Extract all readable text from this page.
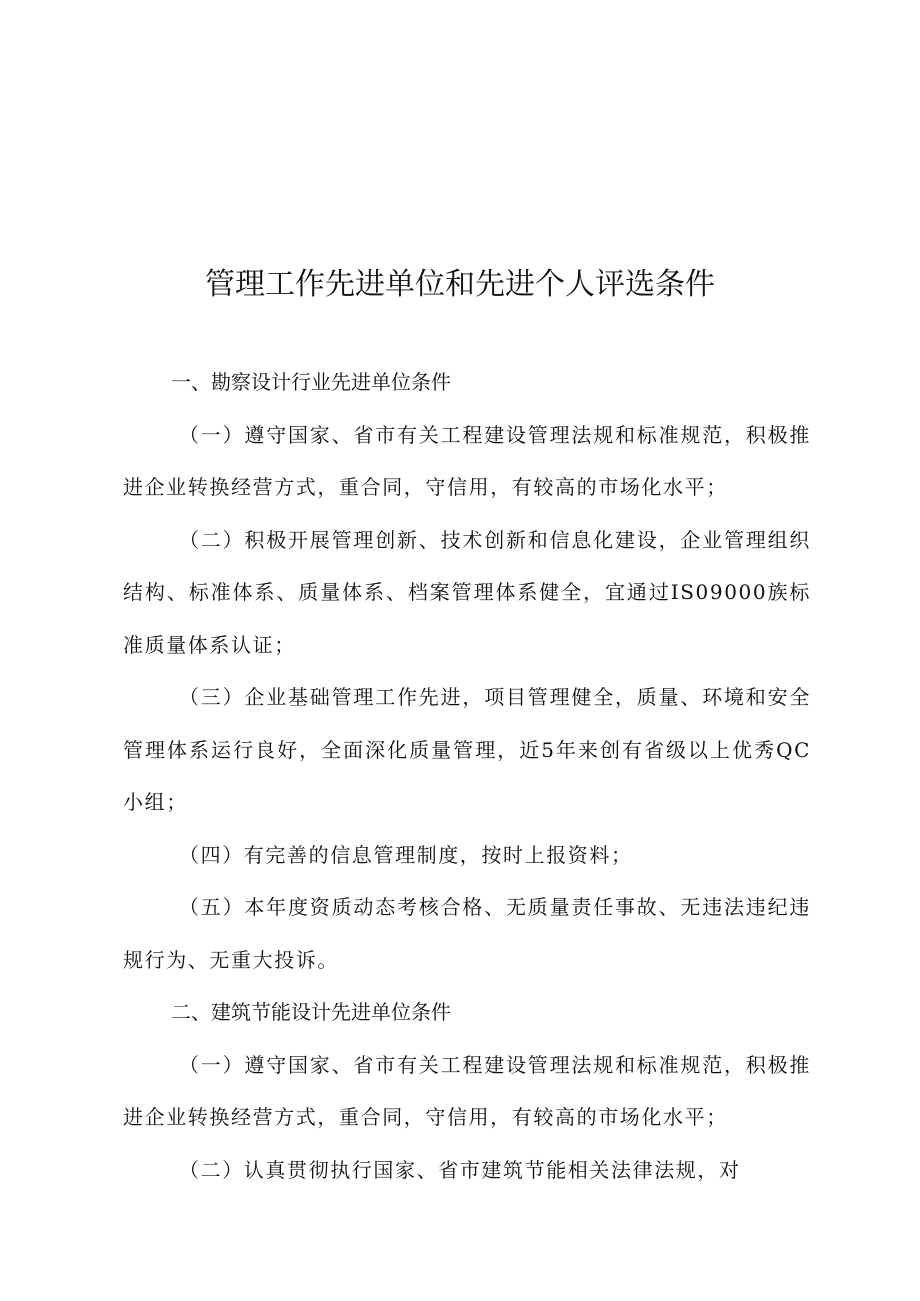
管理工作先进单位和先进个人评选条件

一、勘察设计行业先进单位条件

（一）遵守国家、省市有关工程建设管理法规和标准规范，积极推进企业转换经营方式，重合同，守信用，有较高的市场化水平；

（二）积极开展管理创新、技术创新和信息化建设，企业管理组织结构、标准体系、质量体系、档案管理体系健全，宜通过IS09000族标准质量体系认证；

（三）企业基础管理工作先进，项目管理健全，质量、环境和安全管理体系运行良好，全面深化质量管理，近5年来创有省级以上优秀QC小组；

（四）有完善的信息管理制度，按时上报资料；

（五）本年度资质动态考核合格、无质量责任事故、无违法违纪违规行为、无重大投诉。

二、建筑节能设计先进单位条件

（一）遵守国家、省市有关工程建设管理法规和标准规范，积极推进企业转换经营方式，重合同，守信用，有较高的市场化水平；

（二）认真贯彻执行国家、省市建筑节能相关法律法规，对
